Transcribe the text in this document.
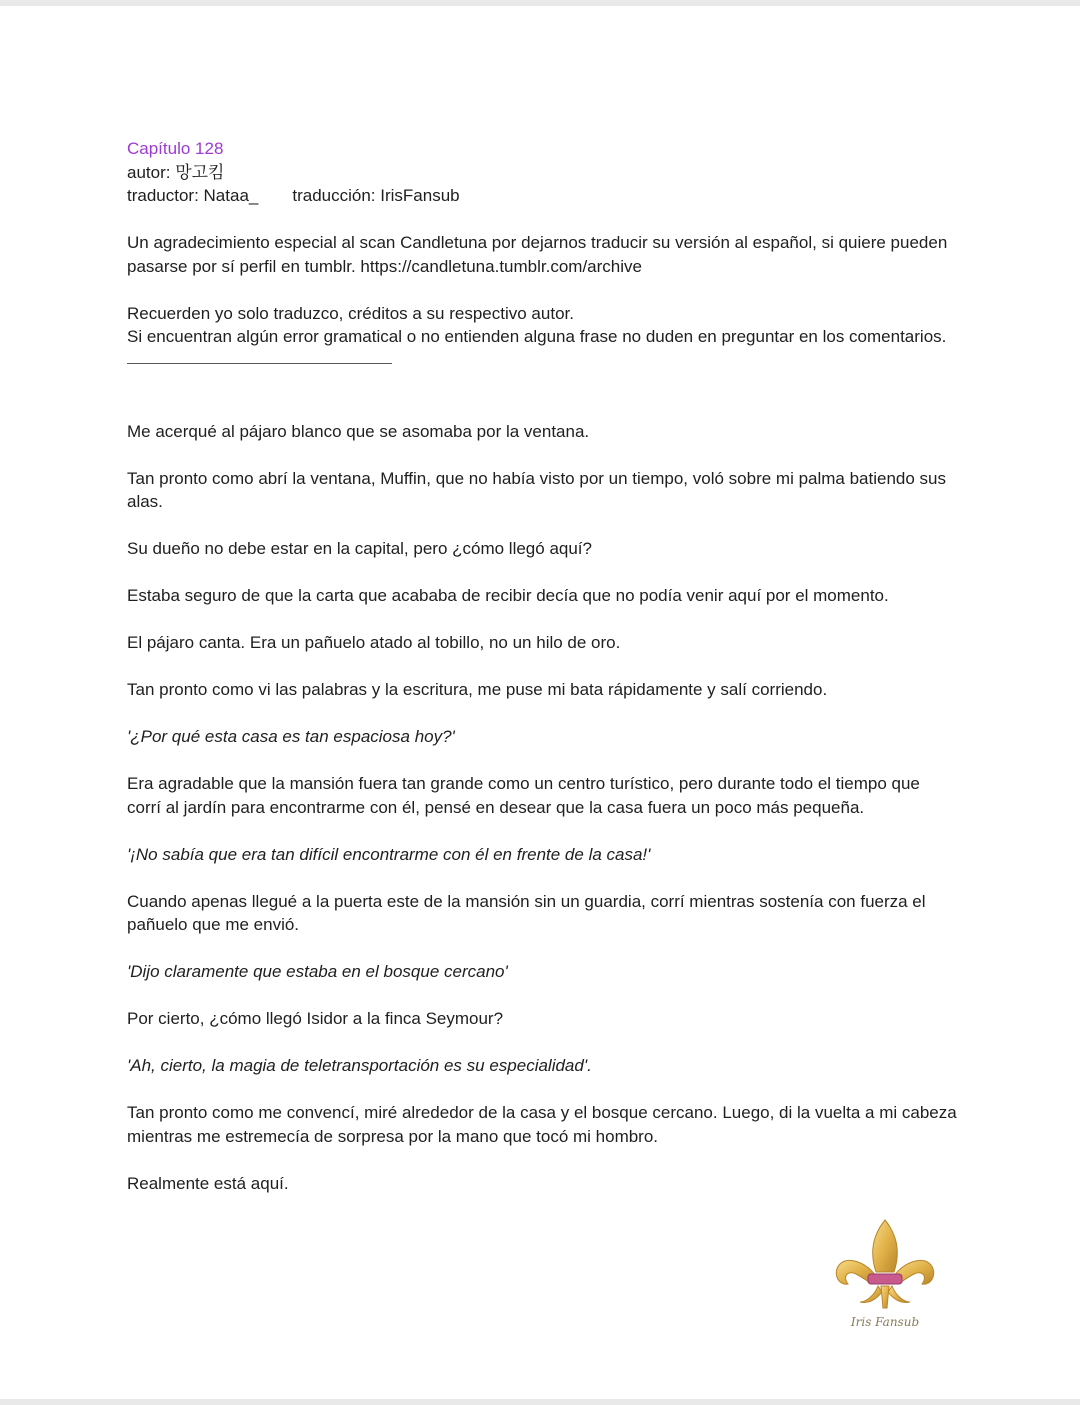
Capítulo 128

autor: 망고킴

traductor: Nataa_ traducción: IrisFansub

Un agradecimiento especial al scan Candletuna por dejarnos traducir su versión al español, si quiere pueden pasarse por sí perfil en tumblr. https://candletuna.tumblr.com/archive

Recuerden yo solo traduzco, créditos a su respectivo autor.

Si encuentran algún error gramatical o no entienden alguna frase no duden en preguntar en los comentarios.

Me acerqué al pájaro blanco que se asomaba por la ventana.

Tan pronto como abrí la ventana, Muffin, que no había visto por un tiempo, voló sobre mi palma batiendo sus alas.

Su dueño no debe estar en la capital, pero ¿cómo llegó aquí?

Estaba seguro de que la carta que acababa de recibir decía que no podía venir aquí por el momento.

El pájaro canta. Era un pañuelo atado al tobillo, no un hilo de oro.

Tan pronto como vi las palabras y la escritura, me puse mi bata rápidamente y salí corriendo.

'¿Por qué esta casa es tan espaciosa hoy?'

Era agradable que la mansión fuera tan grande como un centro turístico, pero durante todo el tiempo que corrí al jardín para encontrarme con él, pensé en desear que la casa fuera un poco más pequeña.

'¡No sabía que era tan difícil encontrarme con él en frente de la casa!'

Cuando apenas llegué a la puerta este de la mansión sin un guardia, corrí mientras sostenía con fuerza el pañuelo que me envió.

'Dijo claramente que estaba en el bosque cercano'

Por cierto, ¿cómo llegó Isidor a la finca Seymour?

'Ah, cierto, la magia de teletransportación es su especialidad'.

Tan pronto como me convencí, miré alrededor de la casa y el bosque cercano. Luego, di la vuelta a mi cabeza mientras me estremecía de sorpresa por la mano que tocó mi hombro.

Realmente está aquí.

Iris Fansub
